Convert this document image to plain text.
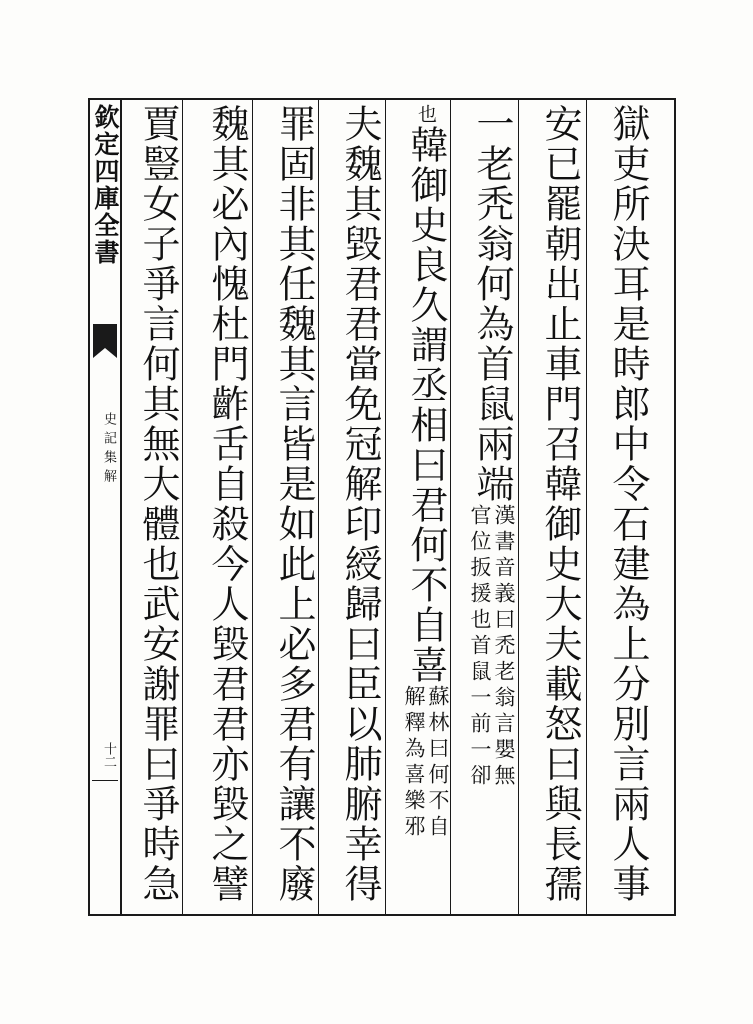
欽定四庫全書
史記集解
十二
賈豎女子爭言何其無大體也武安謝罪曰爭時急
魏其必內愧杜門齚舌自殺今人毀君君亦毀之譬
罪固非其任魏其言皆是如此上必多君有讓不廢
夫魏其毀君君當免冠解印綬歸曰臣以肺腑幸得
也韓御史良久謂丞相曰君何不自喜
蘇林曰何不自
解釋為喜樂邪
一老秃翁何為首鼠兩端
漢書音義曰禿老翁言嬰無
官位扳援也首鼠一前一卻
安已罷朝出止車門召韓御史大夫載怒曰與長孺
獄吏所決耳是時郎中令石建為上分別言兩人事
